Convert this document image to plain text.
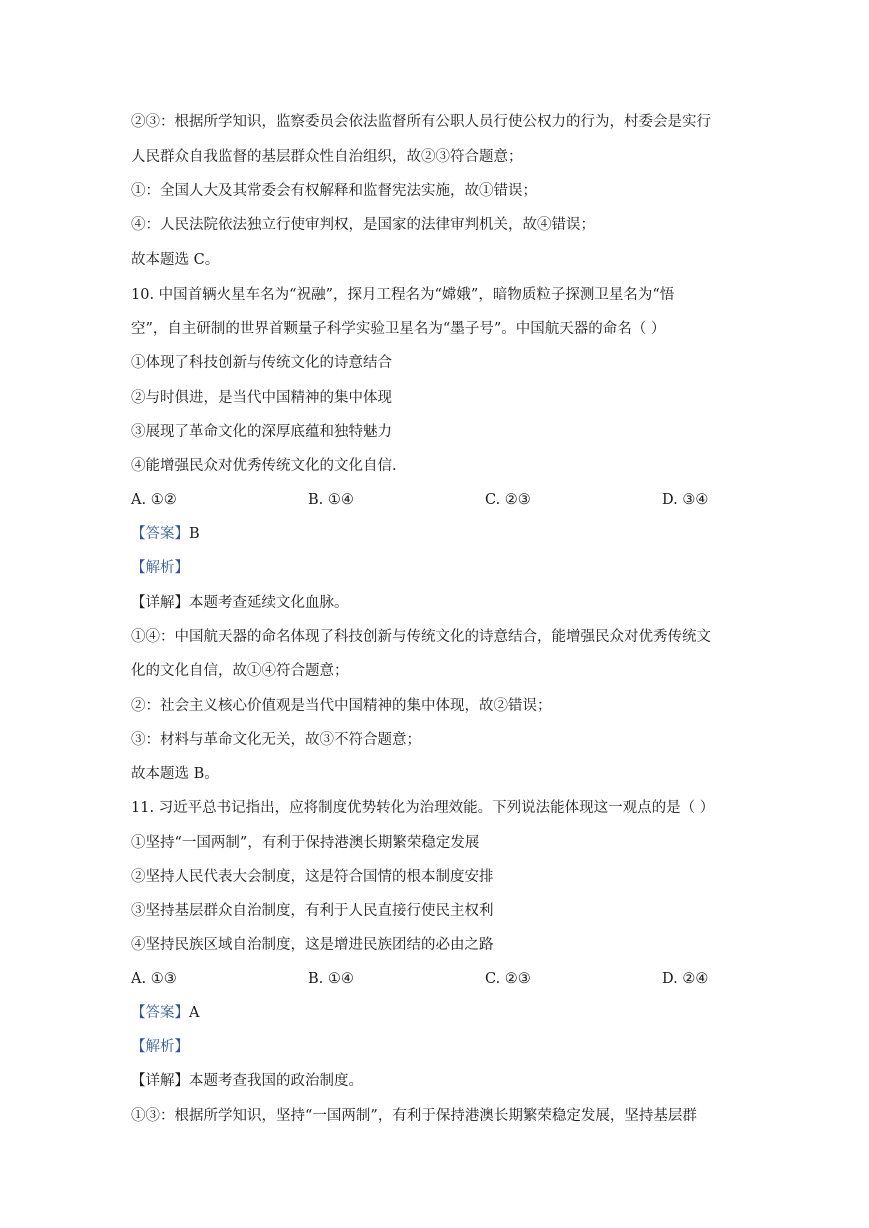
②③：根据所学知识，监察委员会依法监督所有公职人员行使公权力的行为，村委会是实行
人民群众自我监督的基层群众性自治组织，故②③符合题意；
①：全国人大及其常委会有权解释和监督宪法实施，故①错误；
④：人民法院依法独立行使审判权，是国家的法律审判机关，故④错误；
故本题选 C。
10. 中国首辆火星车名为“祝融”，探月工程名为“嫦娥”，暗物质粒子探测卫星名为“悟
空”，自主研制的世界首颗量子科学实验卫星名为“墨子号”。中国航天器的命名（ ）
①体现了科技创新与传统文化的诗意结合
②与时俱进，是当代中国精神的集中体现
③展现了革命文化的深厚底蕴和独特魅力
④能增强民众对优秀传统文化的文化自信.
A. ①②	B. ①④	C. ②③	D. ③④
【答案】B
【解析】
【详解】本题考查延续文化血脉。
①④：中国航天器的命名体现了科技创新与传统文化的诗意结合，能增强民众对优秀传统文
化的文化自信，故①④符合题意；
②：社会主义核心价值观是当代中国精神的集中体现，故②错误；
③：材料与革命文化无关，故③不符合题意；
故本题选 B。
11. 习近平总书记指出，应将制度优势转化为治理效能。下列说法能体现这一观点的是（ ）
①坚持“一国两制”，有利于保持港澳长期繁荣稳定发展
②坚持人民代表大会制度，这是符合国情的根本制度安排
③坚持基层群众自治制度，有利于人民直接行使民主权利
④坚持民族区域自治制度，这是增进民族团结的必由之路
A. ①③	B. ①④	C. ②③	D. ②④
【答案】A
【解析】
【详解】本题考查我国的政治制度。
①③：根据所学知识，坚持“一国两制”，有利于保持港澳长期繁荣稳定发展，坚持基层群
